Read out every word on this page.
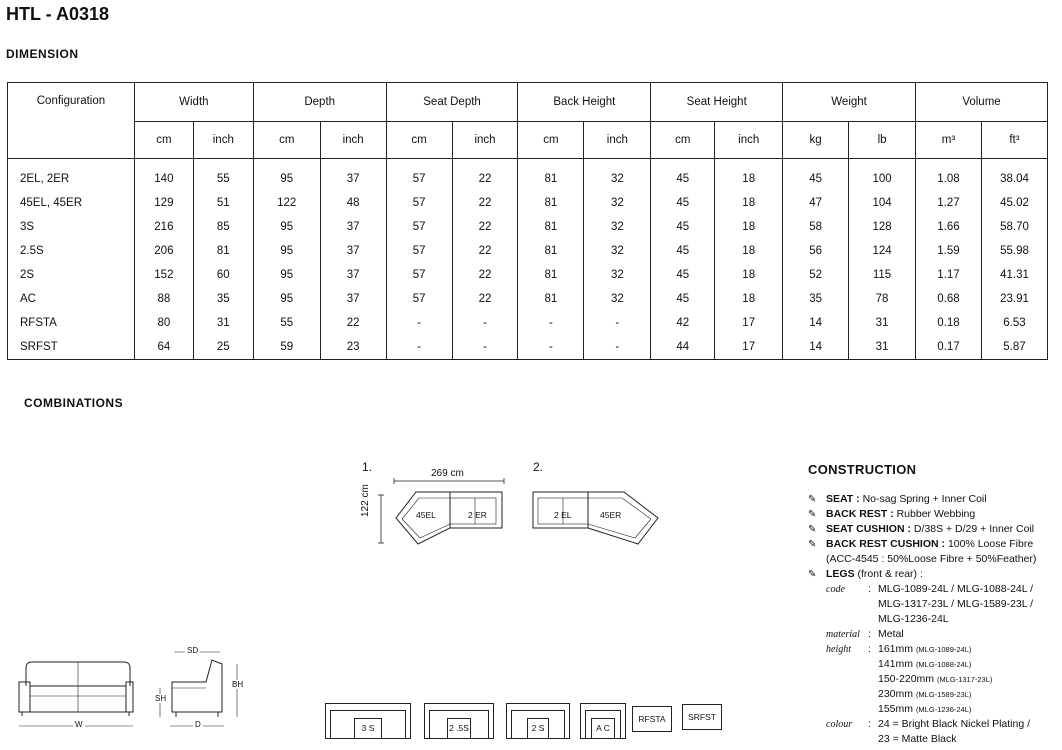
HTL - A0318
DIMENSION
Configuration	Width		Depth		Seat Depth		Back Height		Seat Height		Weight		Volume	
	cm	inch	cm	inch	cm	inch	cm	inch	cm	inch	kg	lb	m³	ft³

2EL, 2ER	140	55	95	37	57	22	81	32	45	18	45	100	1.08	38.04
45EL, 45ER	129	51	122	48	57	22	81	32	45	18	47	104	1.27	45.02
3S	216	85	95	37	57	22	81	32	45	18	58	128	1.66	58.70
2.5S	206	81	95	37	57	22	81	32	45	18	56	124	1.59	55.98
2S	152	60	95	37	57	22	81	32	45	18	52	115	1.17	41.31
AC	88	35	95	37	57	22	81	32	45	18	35	78	0.68	23.91
RFSTA	80	31	55	22	-	-	-	-	42	17	14	31	0.18	6.53
SRFST	64	25	59	23	-	-	-	-	44	17	14	31	0.17	5.87
COMBINATIONS
1.	269 cm
122 cm	45EL	2 ER
2.
2 EL	45ER
W
SD
SH
BH
D	3 S	2 .5S	2 S	A C
RFSTA	SRFST
CONSTRUCTION
✎ SEAT : No-sag Spring + Inner Coil
✎ BACK REST : Rubber Webbing
✎ SEAT CUSHION : D/38S + D/29 + Inner Coil
✎ BACK REST CUSHION : 100% Loose Fibre
(ACC-4545 : 50%Loose Fibre + 50%Feather)
✎ LEGS (front & rear) :
code	: MLG-1089-24L / MLG-1088-24L /
MLG-1317-23L / MLG-1589-23L /
MLG-1236-24L
material : Metal
height	: 161mm (MLG-1089-24L)
141mm (MLG-1088-24L)
150-220mm (MLG-1317-23L)
230mm (MLG-1589-23L)
155mm (MLG-1236-24L)
colour	: 24 = Bright Black Nickel Plating /
23 = Matte Black
